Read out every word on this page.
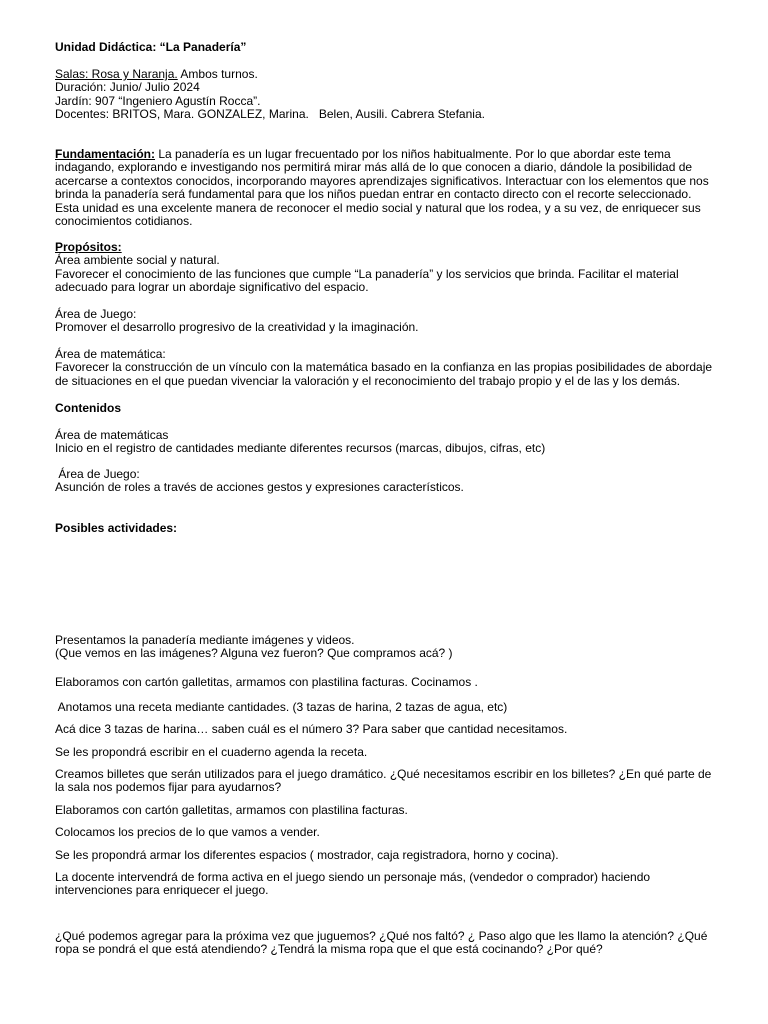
Unidad Didáctica: “La Panadería”

Salas: Rosa y Naranja. Ambos turnos.
Duración: Junio/ Julio 2024
Jardín: 907 “Ingeniero Agustín Rocca”.
Docentes: BRITOS, Mara. GONZALEZ, Marina.   Belen, Ausili. Cabrera Stefania.

Fundamentación: La panadería es un lugar frecuentado por los niños habitualmente. Por lo que abordar este tema indagando, explorando e investigando nos permitirá mirar más allá de lo que conocen a diario, dándole la posibilidad de acercarse a contextos conocidos, incorporando mayores aprendizajes significativos. Interactuar con los elementos que nos brinda la panadería será fundamental para que los niños puedan entrar en contacto directo con el recorte seleccionado. Esta unidad es una excelente manera de reconocer el medio social y natural que los rodea, y a su vez, de enriquecer sus conocimientos cotidianos.

Propósitos:
Área ambiente social y natural.
Favorecer el conocimiento de las funciones que cumple “La panadería” y los servicios que brinda. Facilitar el material adecuado para lograr un abordaje significativo del espacio.
Área de Juego:
Promover el desarrollo progresivo de la creatividad y la imaginación.
Área de matemática:
Favorecer la construcción de un vínculo con la matemática basado en la confianza en las propias posibilidades de abordaje de situaciones en el que puedan vivenciar la valoración y el reconocimiento del trabajo propio y el de las y los demás.

Contenidos

Área de matemáticas
Inicio en el registro de cantidades mediante diferentes recursos (marcas, dibujos, cifras, etc)
Área de Juego:
Asunción de roles a través de acciones gestos y expresiones característicos.

Posibles actividades:

Presentamos la panadería mediante imágenes y videos.
(Que vemos en las imágenes? Alguna vez fueron? Que compramos acá? )

Elaboramos con cartón galletitas, armamos con plastilina facturas. Cocinamos .

Anotamos una receta mediante cantidades. (3 tazas de harina, 2 tazas de agua, etc)

Acá dice 3 tazas de harina… saben cuál es el número 3? Para saber que cantidad necesitamos.

Se les propondrá escribir en el cuaderno agenda la receta.

Creamos billetes que serán utilizados para el juego dramático. ¿Qué necesitamos escribir en los billetes? ¿En qué parte de la sala nos podemos fijar para ayudarnos?

Elaboramos con cartón galletitas, armamos con plastilina facturas.

Colocamos los precios de lo que vamos a vender.

Se les propondrá armar los diferentes espacios ( mostrador, caja registradora, horno y cocina).

La docente intervendrá de forma activa en el juego siendo un personaje más, (vendedor o comprador) haciendo intervenciones para enriquecer el juego.

¿Qué podemos agregar para la próxima vez que juguemos? ¿Qué nos faltó? ¿ Paso algo que les llamo la atención? ¿Qué ropa se pondrá el que está atendiendo? ¿Tendrá la misma ropa que el que está cocinando? ¿Por qué?
